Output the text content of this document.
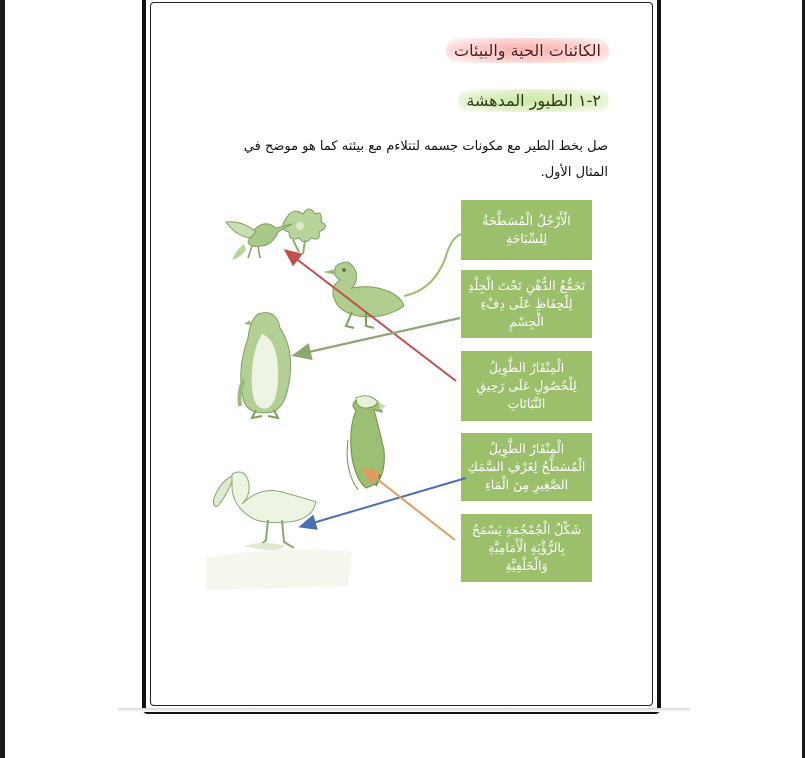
الكائنات الحية والبيئات
٢-١ الطيور المدهشة
صل بخط الطير مع مكونات جسمه لتتلاءم مع بيئته كما هو موضح في المثال الأول.
الْأَرْجُلُ الْمُسَطَّحَةُ لِلسِّبَاحَةِ
تَجَمُّعُ الدُّهْنِ تَحْتَ الْجِلْدِ لِلْحِفَاظِ عَلَى دِفْءِ الْجِسْمِ
الْمِنْقَارُ الطَّوِيلُ لِلْحُصُولِ عَلَى رَحِيقِ النَّبَاتَاتِ
الْمِنْقَارُ الطَّوِيلُ الْمُسَطَّحُ لِغَرْفِ السَّمَكِ الصَّغِيرِ مِنَ الْمَاءِ
شَكْلُ الْجُمْجُمَةِ يَسْمَحُ بِالرُّؤْيَةِ الْأَمَامِيَّةِ وَالْخَلْفِيَّةِ
